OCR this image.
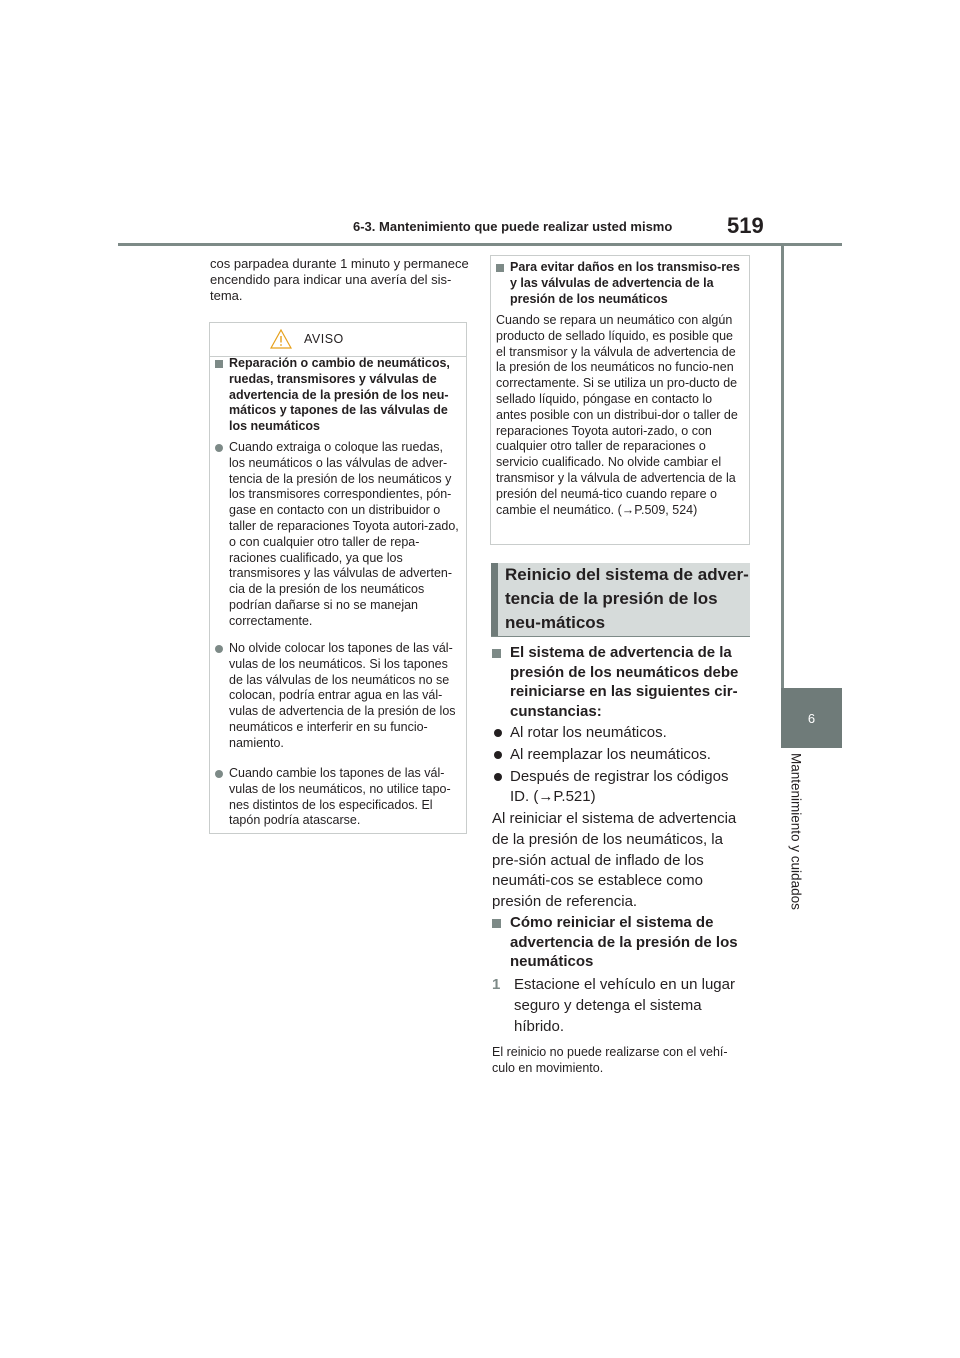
6-3. Mantenimiento que puede realizar usted mismo 519
6
Mantenimiento y cuidados
cos parpadea durante 1 minuto y permanece encendido para indicar una avería del sis-tema.
AVISO
Reparación o cambio de neumáticos, ruedas, transmisores y válvulas de advertencia de la presión de los neu-máticos y tapones de las válvulas de los neumáticos
Cuando extraiga o coloque las ruedas, los neumáticos o las válvulas de adver-tencia de la presión de los neumáticos y los transmisores correspondientes, pón-gase en contacto con un distribuidor o taller de reparaciones Toyota autori-zado, o con cualquier otro taller de repa-raciones cualificado, ya que los transmisores y las válvulas de adverten-cia de la presión de los neumáticos podrían dañarse si no se manejan correctamente.
No olvide colocar los tapones de las vál-vulas de los neumáticos. Si los tapones de las válvulas de los neumáticos no se colocan, podría entrar agua en las vál-vulas de advertencia de la presión de los neumáticos e interferir en su funcio-namiento.
Cuando cambie los tapones de las vál-vulas de los neumáticos, no utilice tapo-nes distintos de los especificados. El tapón podría atascarse.
Para evitar daños en los transmiso-res y las válvulas de advertencia de la presión de los neumáticos
Cuando se repara un neumático con algún producto de sellado líquido, es posible que el transmisor y la válvula de advertencia de la presión de los neumáticos no funcio-nen correctamente. Si se utiliza un pro-ducto de sellado líquido, póngase en contacto lo antes posible con un distribui-dor o taller de reparaciones Toyota autori-zado, o con cualquier otro taller de reparaciones o servicio cualificado. No olvide cambiar el transmisor y la válvula de advertencia de la presión del neumá-tico cuando repare o cambie el neumático. (→P.509, 524)
Reinicio del sistema de adver-tencia de la presión de los neu-máticos
El sistema de advertencia de la presión de los neumáticos debe reiniciarse en las siguientes cir-cunstancias:
Al rotar los neumáticos.
Al reemplazar los neumáticos.
Después de registrar los códigos ID. (→P.521)
Al reiniciar el sistema de advertencia de la presión de los neumáticos, la pre-sión actual de inflado de los neumáti-cos se establece como presión de referencia.
Cómo reiniciar el sistema de advertencia de la presión de los neumáticos
1 Estacione el vehículo en un lugar seguro y detenga el sistema híbrido.
El reinicio no puede realizarse con el vehí-culo en movimiento.
